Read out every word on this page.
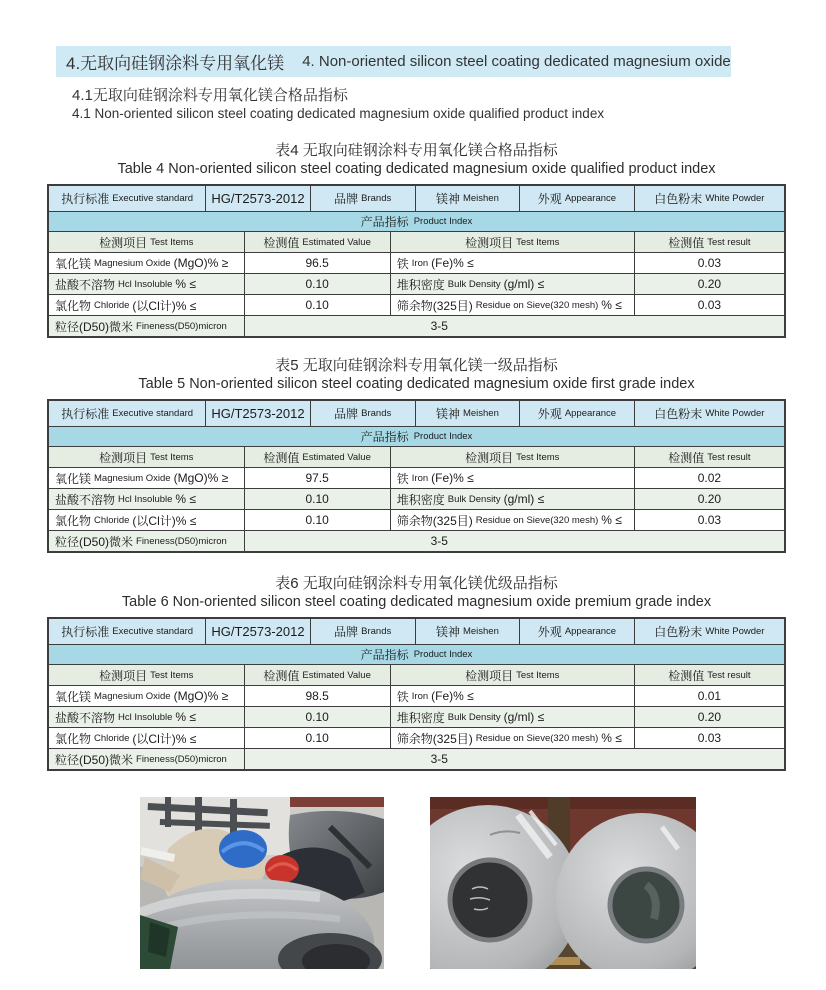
4.无取向硅钢涂料专用氧化镁 4. Non-oriented silicon steel coating dedicated magnesium oxide
4.1无取向硅钢涂料专用氧化镁合格品指标
4.1 Non-oriented silicon steel coating dedicated magnesium oxide qualified product index
表4 无取向硅钢涂料专用氧化镁合格品指标
Table 4 Non-oriented silicon steel coating dedicated magnesium oxide qualified product index
执行标准 Executive standard HG/T2573-2012 品牌 Brands	镁神 Meishen	外观 Appearance	白色粉末 White Powder
产品指标 Product Index
检测项目 Test Items	检测值 Estimated Value	检测项目 Test Items	检测值 Test result
氧化镁 Magnesium Oxide (MgO)% ≥	96.5	铁 Iron (Fe)% ≤	0.03
盐酸不溶物 Hcl Insoluble % ≤	0.10	堆积密度 Bulk Density (g/ml) ≤	0.20
氯化物 Chloride (以Cl计)% ≤	0.10	筛余物(325目) Residue on Sieve(320 mesh) % ≤	0.03
粒径(D50)微米 Fineness(D50)micron	3-5
表5 无取向硅钢涂料专用氧化镁一级品指标
Table 5 Non-oriented silicon steel coating dedicated magnesium oxide first grade index
执行标准 Executive standard HG/T2573-2012 品牌 Brands	镁神 Meishen	外观 Appearance	白色粉末 White Powder
产品指标 Product Index
检测项目 Test Items	检测值 Estimated Value	检测项目 Test Items	检测值 Test result
氧化镁 Magnesium Oxide (MgO)% ≥	97.5	铁 Iron (Fe)% ≤	0.02
盐酸不溶物 Hcl Insoluble % ≤	0.10	堆积密度 Bulk Density (g/ml) ≤	0.20
氯化物 Chloride (以Cl计)% ≤	0.10	筛余物(325目) Residue on Sieve(320 mesh) % ≤	0.03
粒径(D50)微米 Fineness(D50)micron	3-5
表6 无取向硅钢涂料专用氧化镁优级品指标
Table 6 Non-oriented silicon steel coating dedicated magnesium oxide premium grade index
执行标准 Executive standard HG/T2573-2012 品牌 Brands	镁神 Meishen	外观 Appearance	白色粉末 White Powder
产品指标 Product Index
检测项目 Test Items	检测值 Estimated Value	检测项目 Test Items	检测值 Test result
氧化镁 Magnesium Oxide (MgO)% ≥	98.5	铁 Iron (Fe)% ≤	0.01
盐酸不溶物 Hcl Insoluble % ≤	0.10	堆积密度 Bulk Density (g/ml) ≤	0.20
氯化物 Chloride (以Cl计)% ≤	0.10	筛余物(325目) Residue on Sieve(320 mesh) % ≤	0.03
粒径(D50)微米 Fineness(D50)micron	3-5
